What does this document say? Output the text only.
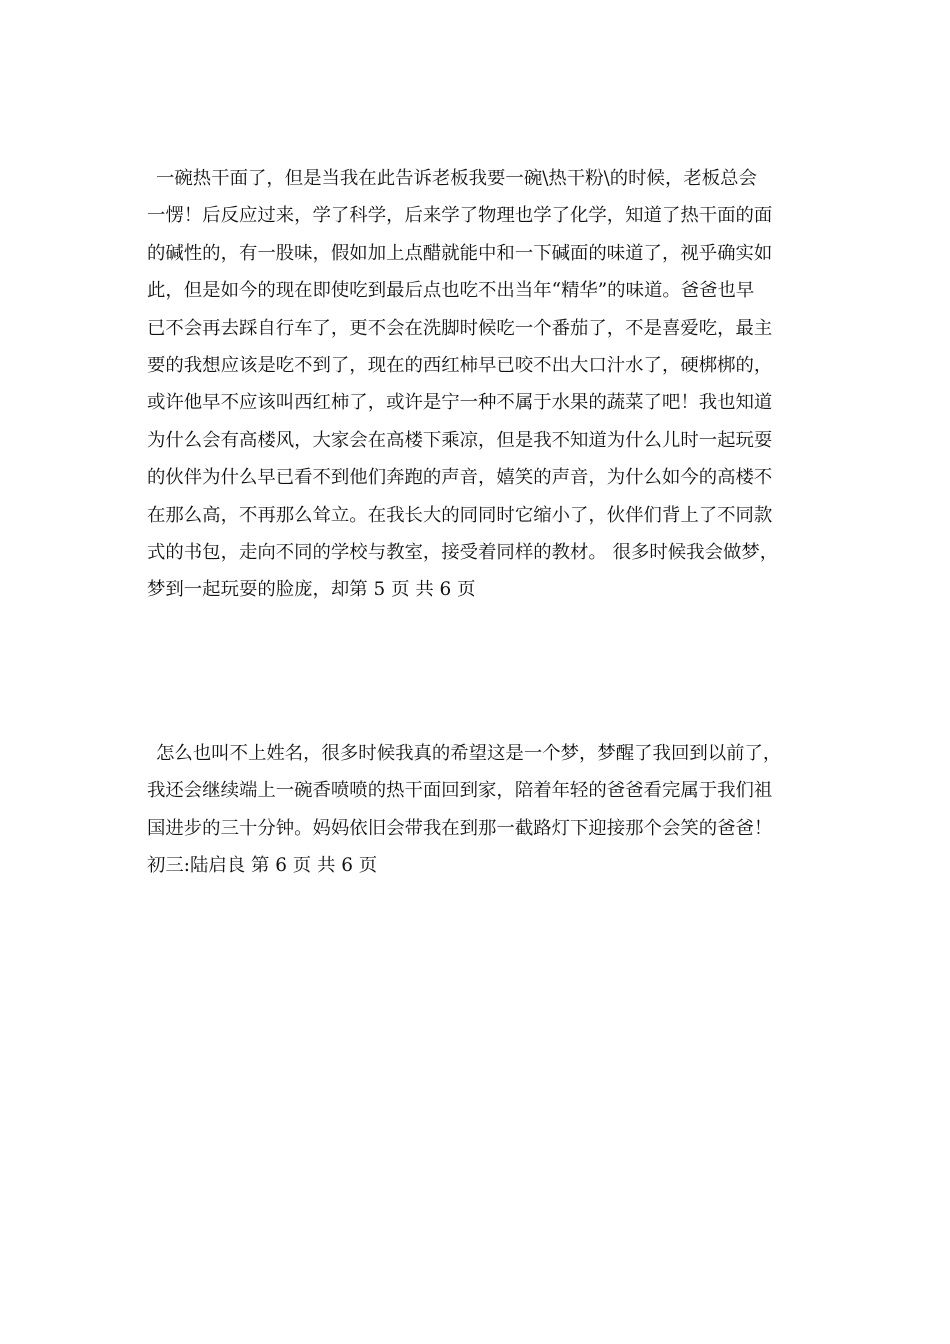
一碗热干面了，但是当我在此告诉老板我要一碗\热干粉\的时候，老板总会
一愣！后反应过来，学了科学，后来学了物理也学了化学，知道了热干面的面
的碱性的，有一股味，假如加上点醋就能中和一下碱面的味道了，视乎确实如
此，但是如今的现在即使吃到最后点也吃不出当年“精华”的味道。爸爸也早
已不会再去踩自行车了，更不会在洗脚时候吃一个番茄了，不是喜爱吃，最主
要的我想应该是吃不到了，现在的西红柿早已咬不出大口汁水了，硬梆梆的，
或许他早不应该叫西红柿了，或许是宁一种不属于水果的蔬菜了吧！我也知道
为什么会有高楼风，大家会在高楼下乘凉，但是我不知道为什么儿时一起玩耍
的伙伴为什么早已看不到他们奔跑的声音，嬉笑的声音，为什么如今的高楼不
在那么高，不再那么耸立。在我长大的同同时它缩小了，伙伴们背上了不同款
式的书包，走向不同的学校与教室，接受着同样的教材。 很多时候我会做梦，
梦到一起玩耍的脸庞，却第 5 页 共 6 页
怎么也叫不上姓名，很多时候我真的希望这是一个梦，梦醒了我回到以前了，
我还会继续端上一碗香喷喷的热干面回到家，陪着年轻的爸爸看完属于我们祖
国进步的三十分钟。妈妈依旧会带我在到那一截路灯下迎接那个会笑的爸爸！
初三:陆启良 第 6 页 共 6 页
